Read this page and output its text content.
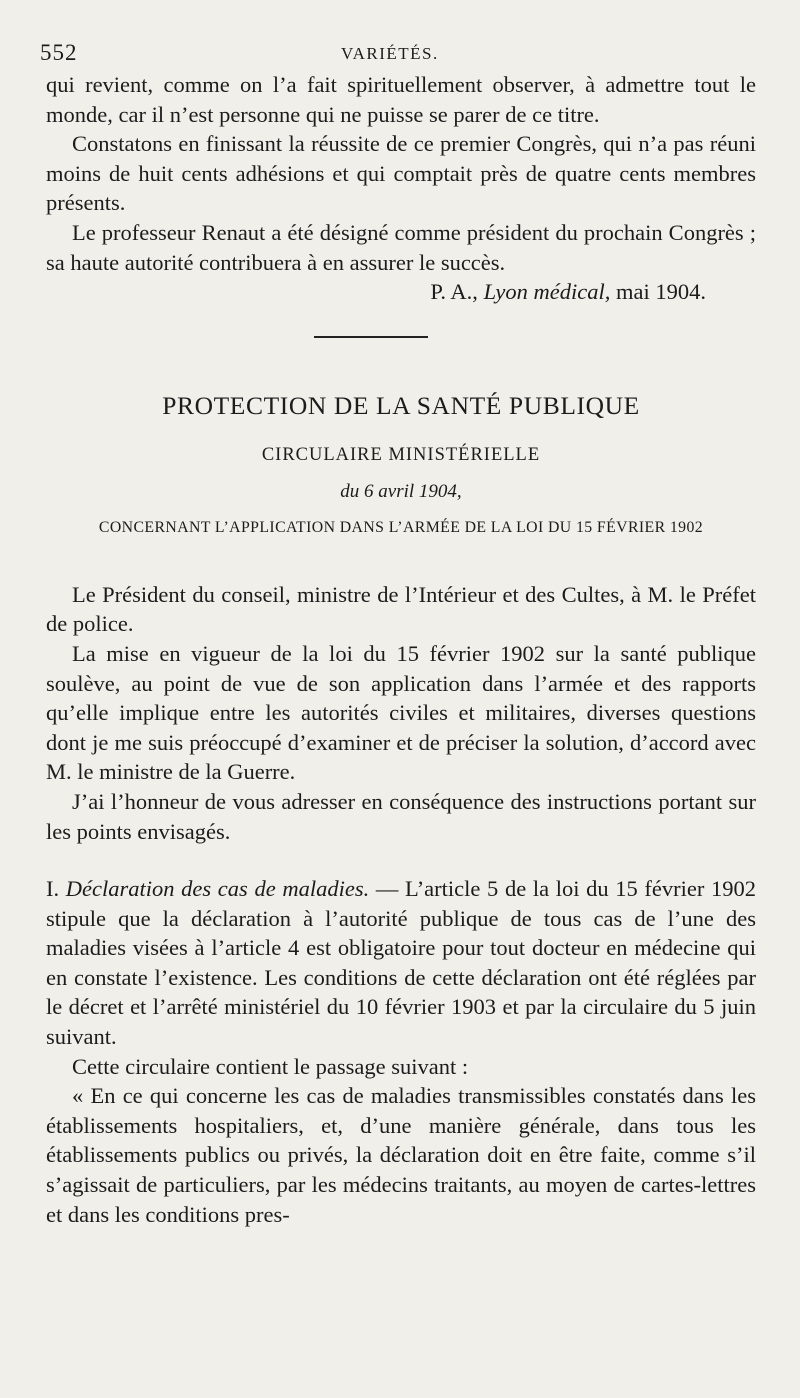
552	VARIÉTÉS.

qui revient, comme on l’a fait spirituellement observer, à admettre tout le monde, car il n’est personne qui ne puisse se parer de ce titre.

Constatons en finissant la réussite de ce premier Congrès, qui n’a pas réuni moins de huit cents adhésions et qui comptait près de quatre cents membres présents.

Le professeur Renaut a été désigné comme président du prochain Congrès ; sa haute autorité contribuera à en assurer le succès.

P. A., Lyon médical, mai 1904.

PROTECTION DE LA SANTÉ PUBLIQUE
CIRCULAIRE MINISTÉRIELLE
du 6 avril 1904,
CONCERNANT L’APPLICATION DANS L’ARMÉE DE LA LOI DU 15 FÉVRIER 1902

Le Président du conseil, ministre de l’Intérieur et des Cultes, à M. le Préfet de police.

La mise en vigueur de la loi du 15 février 1902 sur la santé publique soulève, au point de vue de son application dans l’armée et des rapports qu’elle implique entre les autorités civiles et militaires, diverses questions dont je me suis préoccupé d’examiner et de préciser la solution, d’accord avec M. le ministre de la Guerre.

J’ai l’honneur de vous adresser en conséquence des instructions portant sur les points envisagés.

I. Déclaration des cas de maladies. — L’article 5 de la loi du 15 février 1902 stipule que la déclaration à l’autorité publique de tous cas de l’une des maladies visées à l’article 4 est obligatoire pour tout docteur en médecine qui en constate l’existence. Les conditions de cette déclaration ont été réglées par le décret et l’arrêté ministériel du 10 février 1903 et par la circulaire du 5 juin suivant.

Cette circulaire contient le passage suivant :

« En ce qui concerne les cas de maladies transmissibles constatés dans les établissements hospitaliers, et, d’une manière générale, dans tous les établissements publics ou privés, la déclaration doit en être faite, comme s’il s’agissait de particuliers, par les médecins traitants, au moyen de cartes-lettres et dans les conditions pres-
